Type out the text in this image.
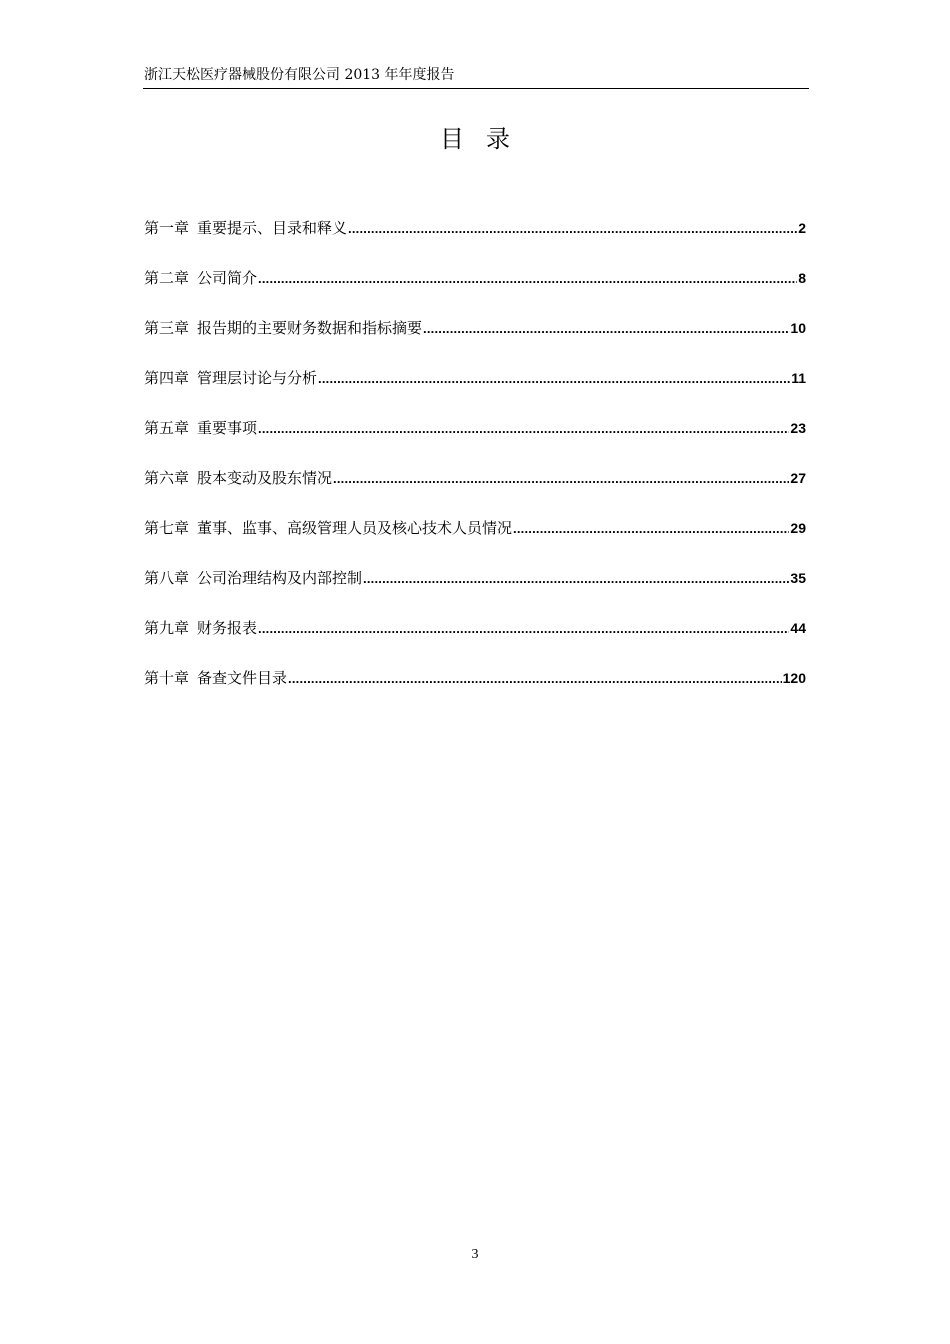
浙江天松医疗器械股份有限公司 2013 年年度报告
目录
第一章 重要提示、目录和释义 .....	2
第二章 公司简介 .....	8
第三章 报告期的主要财务数据和指标摘要 .....	10
第四章 管理层讨论与分析 .....	11
第五章 重要事项 .....	23
第六章 股本变动及股东情况 .....	27
第七章 董事、监事、高级管理人员及核心技术人员情况 .....	29
第八章 公司治理结构及内部控制 .....	35
第九章 财务报表 .....	44
第十章 备查文件目录 .....	120
3
